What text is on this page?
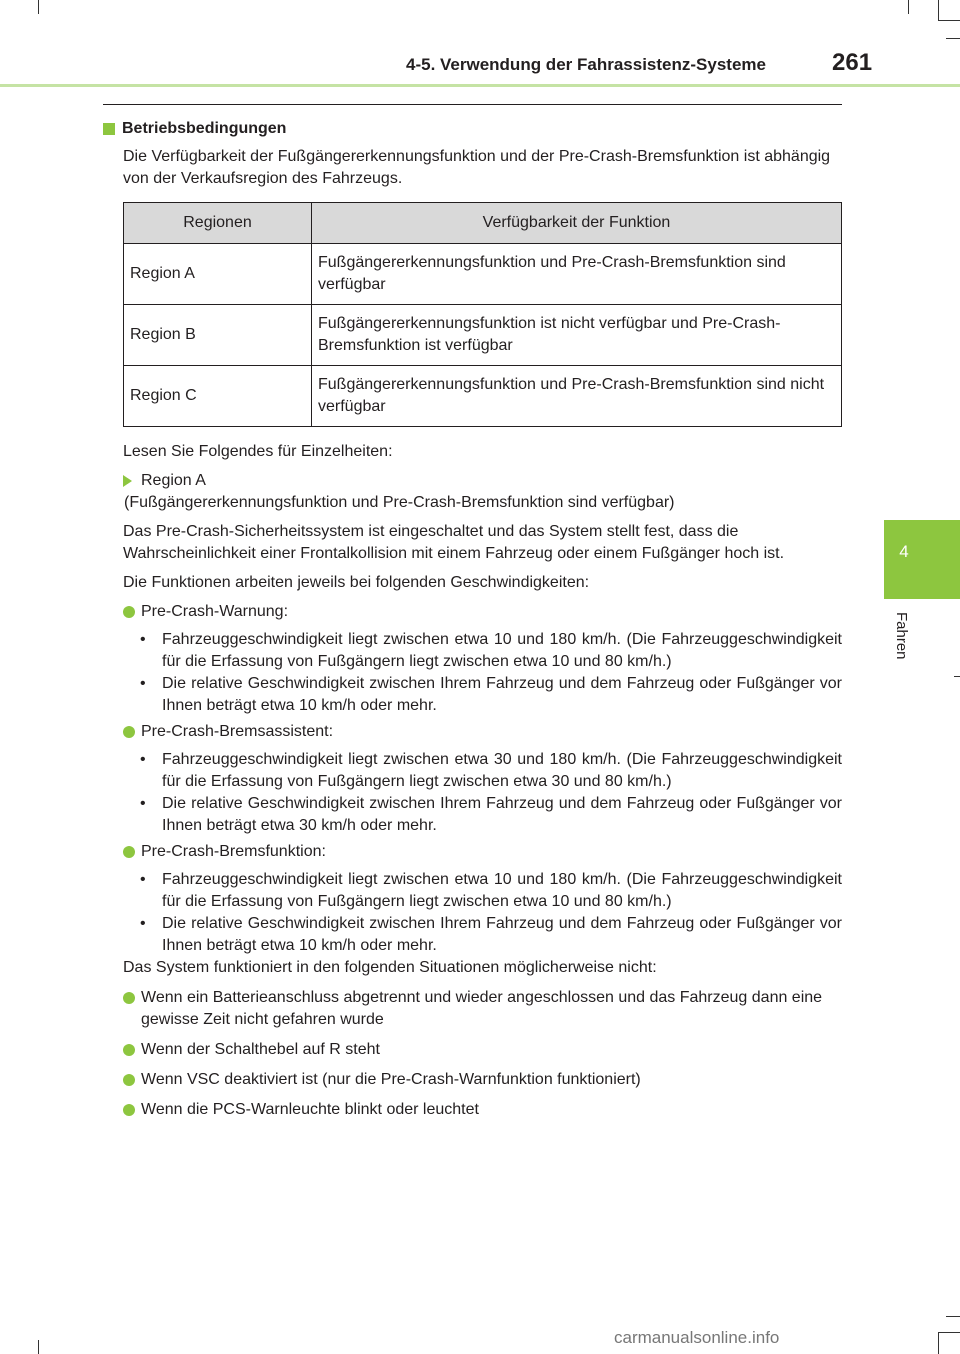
4-5. Verwendung der Fahrassistenz-Systeme	261
4
Fahren
Betriebsbedingungen

Die Verfügbarkeit der Fußgängererkennungsfunktion und der Pre-Crash-Bremsfunktion ist abhängig von der Verkaufsregion des Fahrzeugs.

Regionen	Verfügbarkeit der Funktion
Region A	Fußgängererkennungsfunktion und Pre-Crash-Bremsfunktion sind verfügbar
Region B	Fußgängererkennungsfunktion ist nicht verfügbar und Pre-Crash-Bremsfunktion ist verfügbar
Region C	Fußgängererkennungsfunktion und Pre-Crash-Bremsfunktion sind nicht verfügbar

Lesen Sie Folgendes für Einzelheiten:

Region A
(Fußgängererkennungsfunktion und Pre-Crash-Bremsfunktion sind verfügbar)

Das Pre-Crash-Sicherheitssystem ist eingeschaltet und das System stellt fest, dass die Wahrscheinlichkeit einer Frontalkollision mit einem Fahrzeug oder einem Fußgänger hoch ist.

Die Funktionen arbeiten jeweils bei folgenden Geschwindigkeiten:

Pre-Crash-Warnung:
•	Fahrzeuggeschwindigkeit liegt zwischen etwa 10 und 180 km/h. (Die Fahrzeuggeschwindigkeit für die Erfassung von Fußgängern liegt zwischen etwa 10 und 80 km/h.)
•	Die relative Geschwindigkeit zwischen Ihrem Fahrzeug und dem Fahrzeug oder Fußgänger vor Ihnen beträgt etwa 10 km/h oder mehr.
Pre-Crash-Bremsassistent:
•	Fahrzeuggeschwindigkeit liegt zwischen etwa 30 und 180 km/h. (Die Fahrzeuggeschwindigkeit für die Erfassung von Fußgängern liegt zwischen etwa 30 und 80 km/h.)
•	Die relative Geschwindigkeit zwischen Ihrem Fahrzeug und dem Fahrzeug oder Fußgänger vor Ihnen beträgt etwa 30 km/h oder mehr.
Pre-Crash-Bremsfunktion:
•	Fahrzeuggeschwindigkeit liegt zwischen etwa 10 und 180 km/h. (Die Fahrzeuggeschwindigkeit für die Erfassung von Fußgängern liegt zwischen etwa 10 und 80 km/h.)
•	Die relative Geschwindigkeit zwischen Ihrem Fahrzeug und dem Fahrzeug oder Fußgänger vor Ihnen beträgt etwa 10 km/h oder mehr.

Das System funktioniert in den folgenden Situationen möglicherweise nicht:

Wenn ein Batterieanschluss abgetrennt und wieder angeschlossen und das Fahrzeug dann eine gewisse Zeit nicht gefahren wurde
Wenn der Schalthebel auf R steht
Wenn VSC deaktiviert ist (nur die Pre-Crash-Warnfunktion funktioniert)
Wenn die PCS-Warnleuchte blinkt oder leuchtet
carmanualsonline.info
